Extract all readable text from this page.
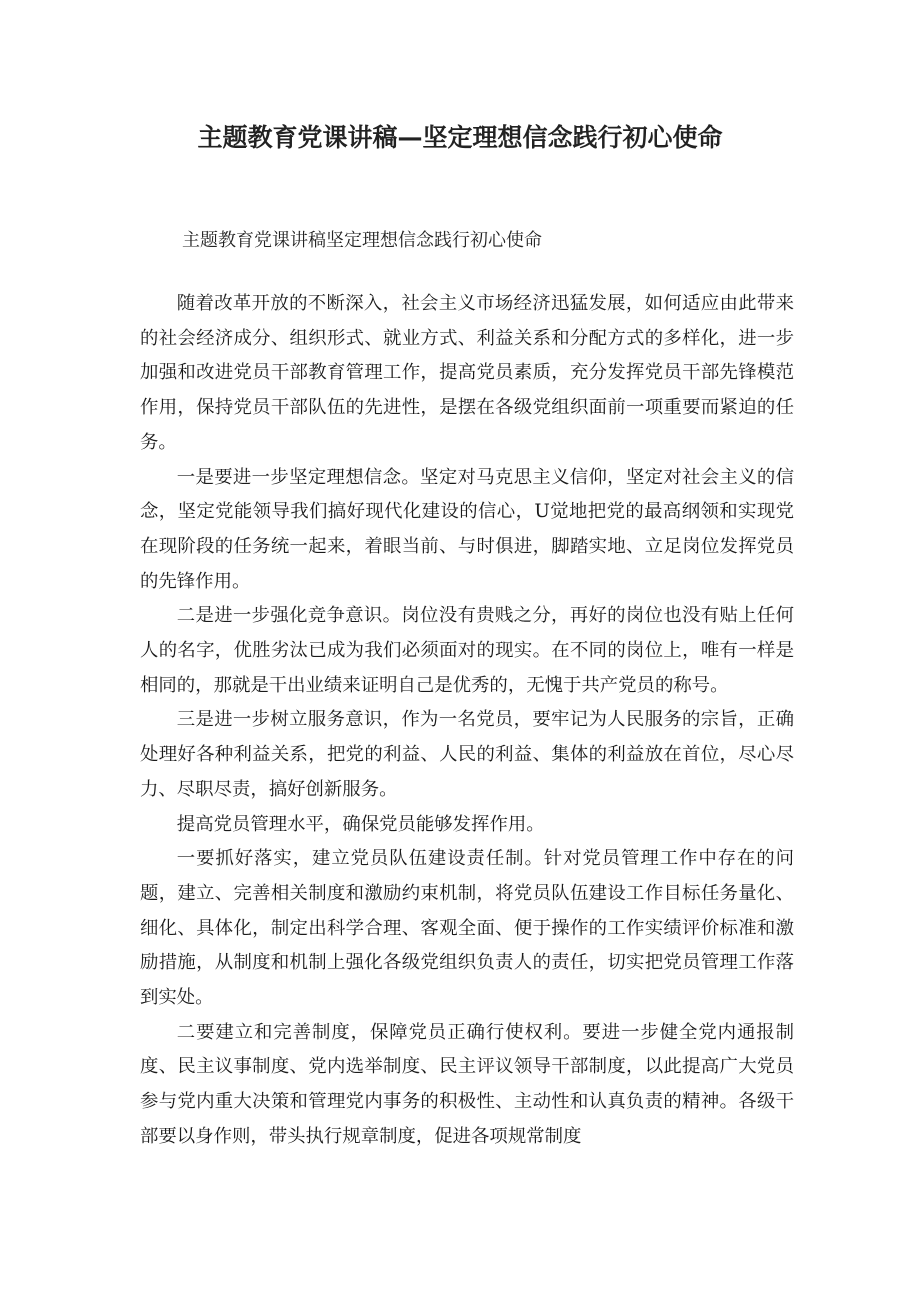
主题教育党课讲稿—坚定理想信念践行初心使命
主题教育党课讲稿坚定理想信念践行初心使命

随着改革开放的不断深入，社会主义市场经济迅猛发展，如何适应由此带来的社会经济成分、组织形式、就业方式、利益关系和分配方式的多样化，进一步加强和改进党员干部教育管理工作，提高党员素质，充分发挥党员干部先锋模范作用，保持党员干部队伍的先进性，是摆在各级党组织面前一项重要而紧迫的任务。

一是要进一步坚定理想信念。坚定对马克思主义信仰，坚定对社会主义的信念，坚定党能领导我们搞好现代化建设的信心，U觉地把党的最高纲领和实现党在现阶段的任务统一起来，着眼当前、与时俱进，脚踏实地、立足岗位发挥党员的先锋作用。

二是进一步强化竞争意识。岗位没有贵贱之分，再好的岗位也没有贴上任何人的名字，优胜劣汰已成为我们必须面对的现实。在不同的岗位上，唯有一样是相同的，那就是干出业绩来证明自己是优秀的，无愧于共产党员的称号。

三是进一步树立服务意识，作为一名党员，要牢记为人民服务的宗旨，正确处理好各种利益关系，把党的利益、人民的利益、集体的利益放在首位，尽心尽力、尽职尽责，搞好创新服务。

提高党员管理水平，确保党员能够发挥作用。

一要抓好落实，建立党员队伍建设责任制。针对党员管理工作中存在的问题，建立、完善相关制度和激励约束机制，将党员队伍建设工作目标任务量化、细化、具体化，制定出科学合理、客观全面、便于操作的工作实绩评价标准和激励措施，从制度和机制上强化各级党组织负责人的责任，切实把党员管理工作落到实处。

二要建立和完善制度，保障党员正确行使权利。要进一步健全党内通报制度、民主议事制度、党内选举制度、民主评议领导干部制度，以此提高广大党员参与党内重大决策和管理党内事务的积极性、主动性和认真负责的精神。各级干部要以身作则，带头执行规章制度，促进各项规常制度
